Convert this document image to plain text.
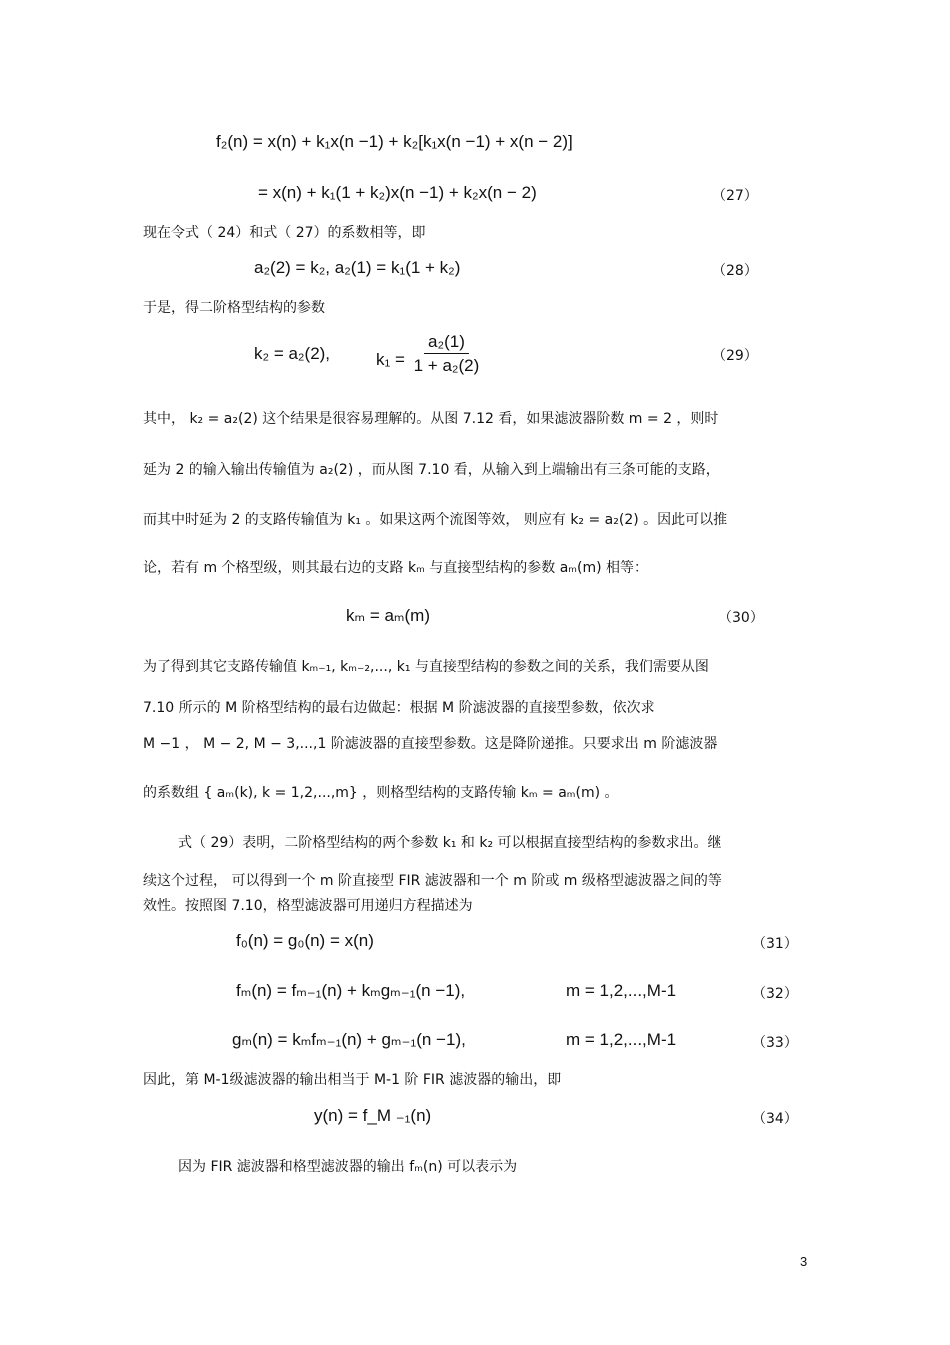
f₂(n) = x(n) + k₁x(n −1) + k₂[k₁x(n −1) + x(n − 2)]
= x(n) + k₁(1 + k₂)x(n −1) + k₂x(n − 2)	（27）
现在令式（ 24）和式（ 27）的系数相等，即
a₂(2) = k₂, a₂(1) = k₁(1 + k₂)	（28）
于是，得二阶格型结构的参数
k₂ = a₂(2),	$k_1 = \frac{\text{a₂(1)}}{\text{1 + a₂(2)}}$	（29）
其中， k₂ = a₂(2) 这个结果是很容易理解的。从图 7.12 看，如果滤波器阶数 m = 2 ，则时
延为 2 的输入输出传输值为 a₂(2) ，而从图 7.10 看，从输入到上端输出有三条可能的支路，
而其中时延为 2 的支路传输值为 k₁ 。如果这两个流图等效， 则应有 k₂ = a₂(2) 。因此可以推
论，若有 m 个格型级，则其最右边的支路 kₘ 与直接型结构的参数 aₘ(m) 相等：
kₘ = aₘ(m)	（30）
为了得到其它支路传输值 kₘ₋₁, kₘ₋₂,..., k₁ 与直接型结构的参数之间的关系，我们需要从图
7.10 所示的 M 阶格型结构的最右边做起：根据 M 阶滤波器的直接型参数，依次求
M −1 ， M − 2, M − 3,...,1 阶滤波器的直接型参数。这是降阶递推。只要求出 m 阶滤波器
的系数组 { aₘ(k), k = 1,2,...,m} ，则格型结构的支路传输 kₘ = aₘ(m) 。
式（ 29）表明，二阶格型结构的两个参数 k₁ 和 k₂ 可以根据直接型结构的参数求出。继
续这个过程， 可以得到一个 m 阶直接型 FIR 滤波器和一个 m 阶或 m 级格型滤波器之间的等
效性。按照图 7.10，格型滤波器可用递归方程描述为
f₀(n) = g₀(n) = x(n)	（31）
fₘ(n) = fₘ₋₁(n) + kₘgₘ₋₁(n −1),	m = 1,2,...,M-1	（32）
gₘ(n) = kₘfₘ₋₁(n) + gₘ₋₁(n −1),	m = 1,2,...,M-1	（33）
因此，第 M-1级滤波器的输出相当于 M-1 阶 FIR 滤波器的输出，即
y(n) = f_M ₋₁(n)	（34）
因为 FIR 滤波器和格型滤波器的输出 fₘ(n) 可以表示为
3
